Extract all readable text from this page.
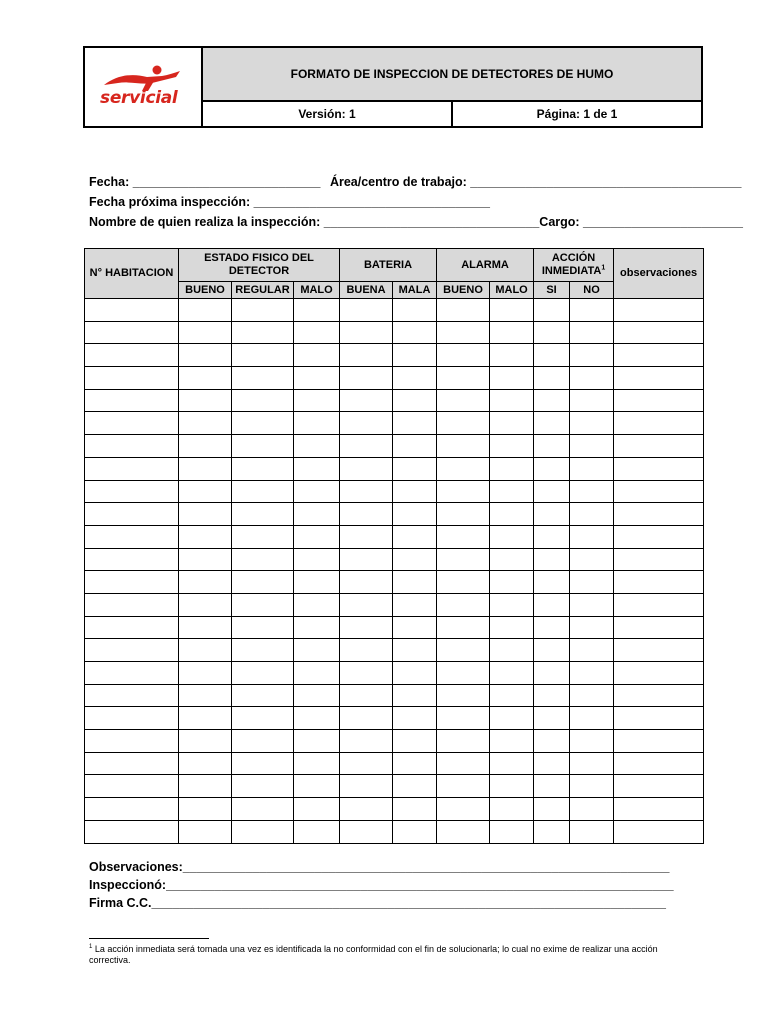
servicial	FORMATO DE INSPECCION DE DETECTORES DE HUMO	
	Versión: 1	Página: 1 de 1
Fecha: ___________________________ Área/centro de trabajo: _______________________________________
Fecha próxima inspección: __________________________________
Nombre de quien realiza la inspección: _______________________________Cargo: _______________________
N° HABITACION	ESTADO FISICO DEL DETECTOR			BATERIA		ALARMA		ACCIÓN INMEDIATA$^1$		observaciones
	BUENO	REGULAR	MALO	BUENA	MALA	BUENO	MALO	SI	NO	

Observaciones:______________________________________________________________________
Inspeccionó:_________________________________________________________________________
Firma C.C.__________________________________________________________________________
$^1$ La acción inmediata será tomada una vez es identificada la no conformidad con el fin de solucionarla; lo cual no exime de realizar una acción correctiva.
